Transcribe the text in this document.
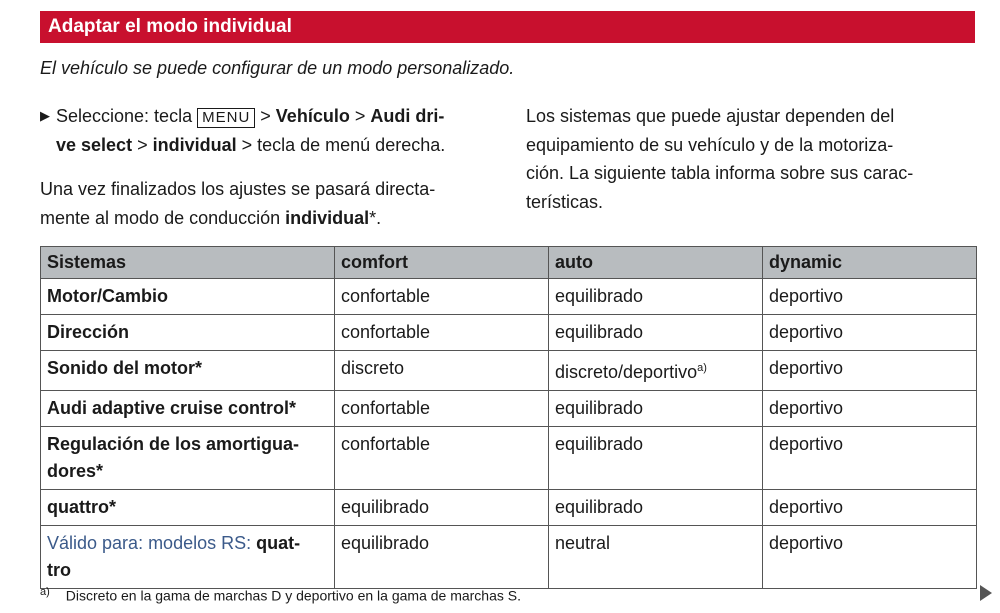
Adaptar el modo individual
El vehículo se puede configurar de un modo personalizado.
▶ Seleccione: tecla MENU > Vehículo > Audi dri-
ve select > individual > tecla de menú derecha.
Una vez finalizados los ajustes se pasará directa-
mente al modo de conducción individual*.
Los sistemas que puede ajustar dependen del
equipamiento de su vehículo y de la motoriza-
ción. La siguiente tabla informa sobre sus carac-
terísticas.
Sistemas	comfort	auto	dynamic
Motor/Cambio	confortable	equilibrado	deportivo
Dirección	confortable	equilibrado	deportivo
Sonido del motor*	discreto	discreto/deportivo$^{a)}$	deportivo
Audi adaptive cruise control*	confortable	equilibrado	deportivo
Regulación de los amortigua-
dores*	confortable	equilibrado	deportivo
quattro*	equilibrado	equilibrado	deportivo
Válido para: modelos RS: quat-
tro	equilibrado	neutral	deportivo
$^{a)}$ Discreto en la gama de marchas D y deportivo en la gama de marchas S.
